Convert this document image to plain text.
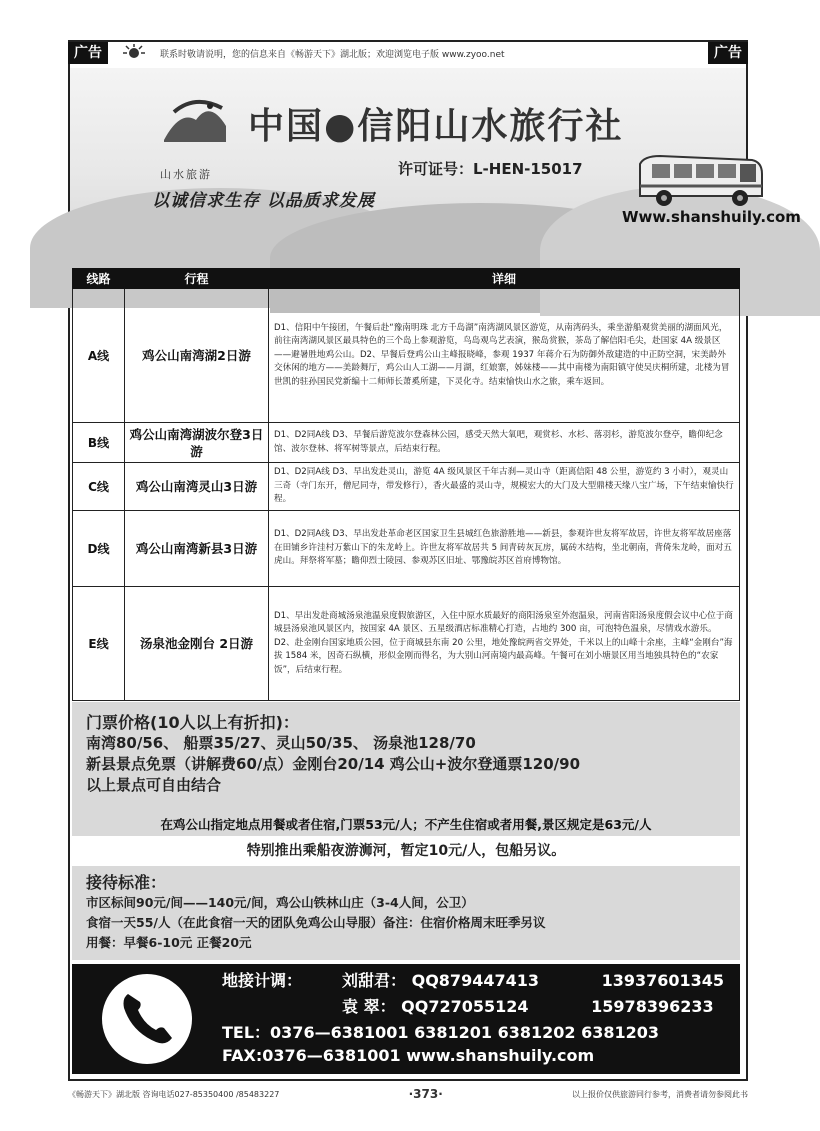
广告	联系时敬请说明，您的信息来自《畅游天下》湖北版；欢迎浏览电子版 www.zyoo.net	广告
山水旅游
中国●信阳山水旅行社
许可证号：L-HEN-15017
以诚信求生存 以品质求发展
Www.shanshuily.com
线路	行程	详细
A线	鸡公山南湾湖2日游	D1、信阳中午接团，午餐后赴“豫南明珠 北方千岛湖”南湾湖风景区游览，从南湾码头，乘坐游船观赏美丽的湖面风光，前往南湾湖风景区最具特色的三个岛上参观游览，鸟岛观鸟艺表演，猴岛赏猴，茶岛了解信阳毛尖，赴国家 4A 级景区——避暑胜地鸡公山。D2、早餐后登鸡公山主峰报晓峰，参观 1937 年蒋介石为防御外敌建造的中正防空洞，宋美龄外交休闲的地方——美龄舞厅，鸡公山人工湖——月湖，红娘寨，姊妹楼——其中南楼为南阳镇守使吴庆桐所建，北楼为冒世凯的驻孙国民党新编十二师师长萧奚所建，下灵化寺。结束愉快山水之旅，乘车返回。
B线	鸡公山南湾湖波尔登3日游	D1、D2同A线 D3、早餐后游览波尔登森林公园，感受天然大氧吧，观赏杉、水杉、落羽杉，游览波尔登亭，瞻仰纪念馆、波尔登林、将军树等景点，后结束行程。
C线	鸡公山南湾灵山3日游	D1、D2同A线 D3、早出发赴灵山，游览 4A 级风景区千年古刹—灵山寺（距离信阳 48 公里，游览约 3 小时），观灵山三奇（寺门东开，僧尼同寺，带发修行），香火最盛的灵山寺，规模宏大的大门及大型鼎楼天缘八宝广场，下午结束愉快行程。
D线	鸡公山南湾新县3日游	D1、D2同A线 D3、早出发赴革命老区国家卫生县城红色旅游胜地——新县，参观许世友将军故居，许世友将军故居座落在田铺乡许洼村万紫山下的朱龙岭上。许世友将军故居共 5 间青砖灰瓦房，属砖木结构，坐北朝南，背倚朱龙岭，面对五虎山。拜祭将军墓；瞻仰烈士陵园、参观苏区旧址、鄂豫皖苏区首府博物馆。
E线	汤泉池金刚台 2日游	D1、早出发赴商城汤泉池温泉度假旅游区，入住中原水质最好的商阳汤泉室外泡温泉，河南省阳汤泉度假会议中心位于商城县汤泉池风景区内，按国家 4A 景区、五星级酒店标准精心打造，占地约 300 亩，可泡特色温泉，尽情戏水游乐。D2、赴金刚台国家地质公园，位于商城县东南 20 公里，地处豫皖两省交界处，千米以上的山峰十余座，主峰“金刚台”海拔 1584 米，因奇石纵横，形似金刚而得名，为大别山河南境内最高峰。午餐可在刘小塘景区用当地独具特色的“农家饭”，后结束行程。
门票价格(10人以上有折扣)：
南湾80/56、 船票35/27、灵山50/35、 汤泉池128/70
新县景点免票（讲解费60/点）金刚台20/14 鸡公山+波尔登通票120/90
以上景点可自由结合
在鸡公山指定地点用餐或者住宿,门票53元/人；不产生住宿或者用餐,景区规定是63元/人
特别推出乘船夜游浉河，暂定10元/人，包船另议。
接待标准：
市区标间90元/间——140元/间，鸡公山铁林山庄（3-4人间，公卫）
食宿一天55/人（在此食宿一天的团队免鸡公山导服）备注：住宿价格周末旺季另议
用餐：早餐6-10元 正餐20元
地接计调： 刘甜君： QQ879447413	13937601345
袁 翠： QQ727055124	15978396233
TEL：0376—6381001 6381201 6381202 6381203
FAX:0376—6381001 www.shanshuily.com
《畅游天下》湖北版 咨询电话027-85350400 /85483227	·373·	以上报价仅供旅游同行参考，消费者请勿参阅此书
